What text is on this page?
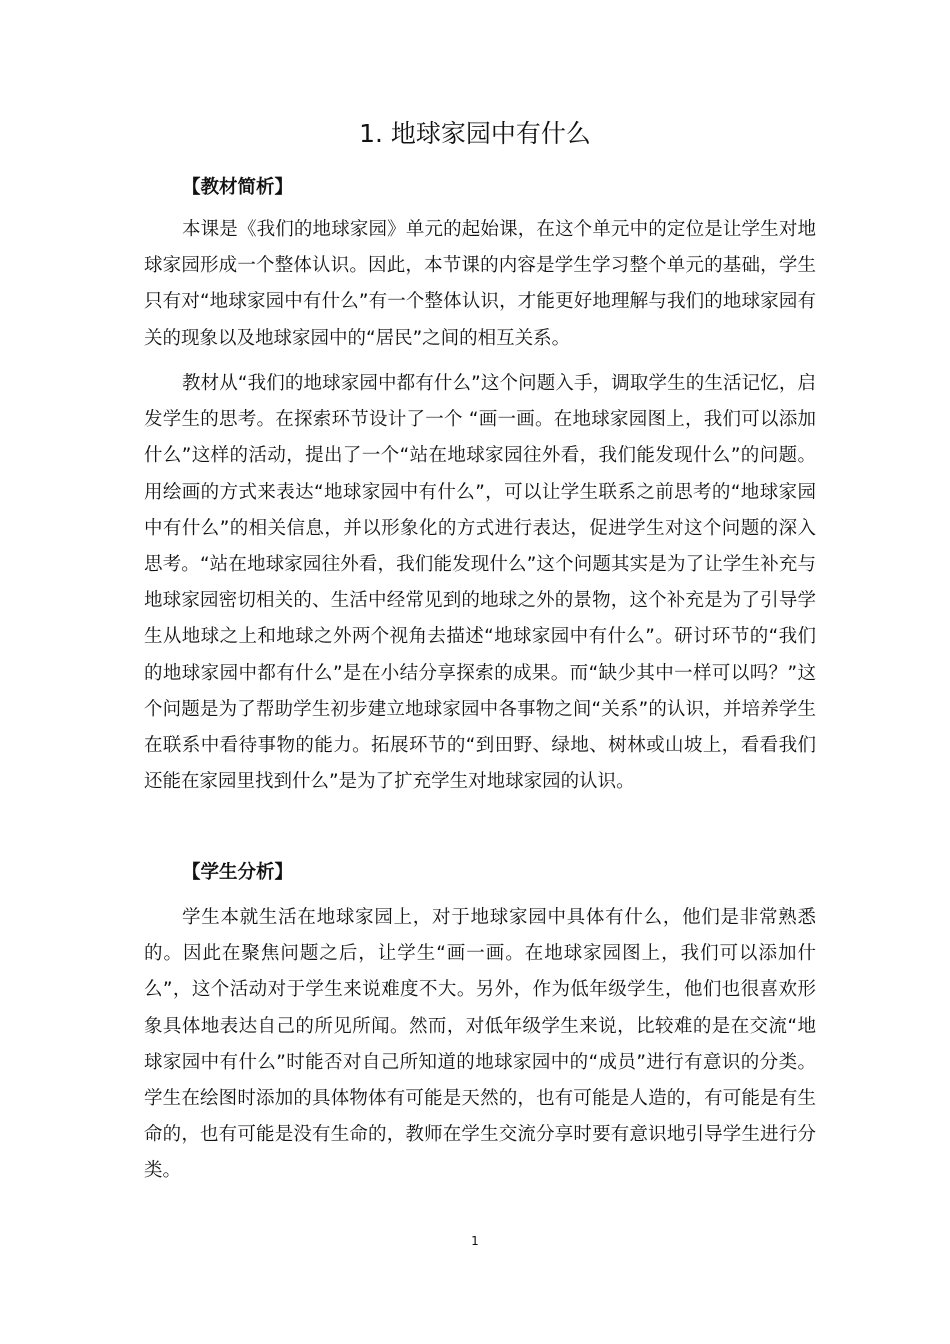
1. 地球家园中有什么
【教材简析】

本课是《我们的地球家园》单元的起始课，在这个单元中的定位是让学生对地球家园形成一个整体认识。因此，本节课的内容是学生学习整个单元的基础，学生只有对“地球家园中有什么”有一个整体认识，才能更好地理解与我们的地球家园有关的现象以及地球家园中的“居民”之间的相互关系。

教材从“我们的地球家园中都有什么”这个问题入手，调取学生的生活记忆，启发学生的思考。在探索环节设计了一个 “画一画。在地球家园图上，我们可以添加什么”这样的活动，提出了一个“站在地球家园往外看，我们能发现什么”的问题。用绘画的方式来表达“地球家园中有什么”，可以让学生联系之前思考的“地球家园中有什么”的相关信息，并以形象化的方式进行表达，促进学生对这个问题的深入思考。“站在地球家园往外看，我们能发现什么”这个问题其实是为了让学生补充与地球家园密切相关的、生活中经常见到的地球之外的景物，这个补充是为了引导学生从地球之上和地球之外两个视角去描述“地球家园中有什么”。研讨环节的“我们的地球家园中都有什么”是在小结分享探索的成果。而“缺少其中一样可以吗？”这个问题是为了帮助学生初步建立地球家园中各事物之间“关系”的认识，并培养学生在联系中看待事物的能力。拓展环节的“到田野、绿地、树林或山坡上，看看我们还能在家园里找到什么”是为了扩充学生对地球家园的认识。

【学生分析】

学生本就生活在地球家园上，对于地球家园中具体有什么，他们是非常熟悉的。因此在聚焦问题之后，让学生“画一画。在地球家园图上，我们可以添加什么”，这个活动对于学生来说难度不大。另外，作为低年级学生，他们也很喜欢形象具体地表达自己的所见所闻。然而，对低年级学生来说，比较难的是在交流“地球家园中有什么”时能否对自己所知道的地球家园中的“成员”进行有意识的分类。学生在绘图时添加的具体物体有可能是天然的，也有可能是人造的，有可能是有生命的，也有可能是没有生命的，教师在学生交流分享时要有意识地引导学生进行分类。

1
